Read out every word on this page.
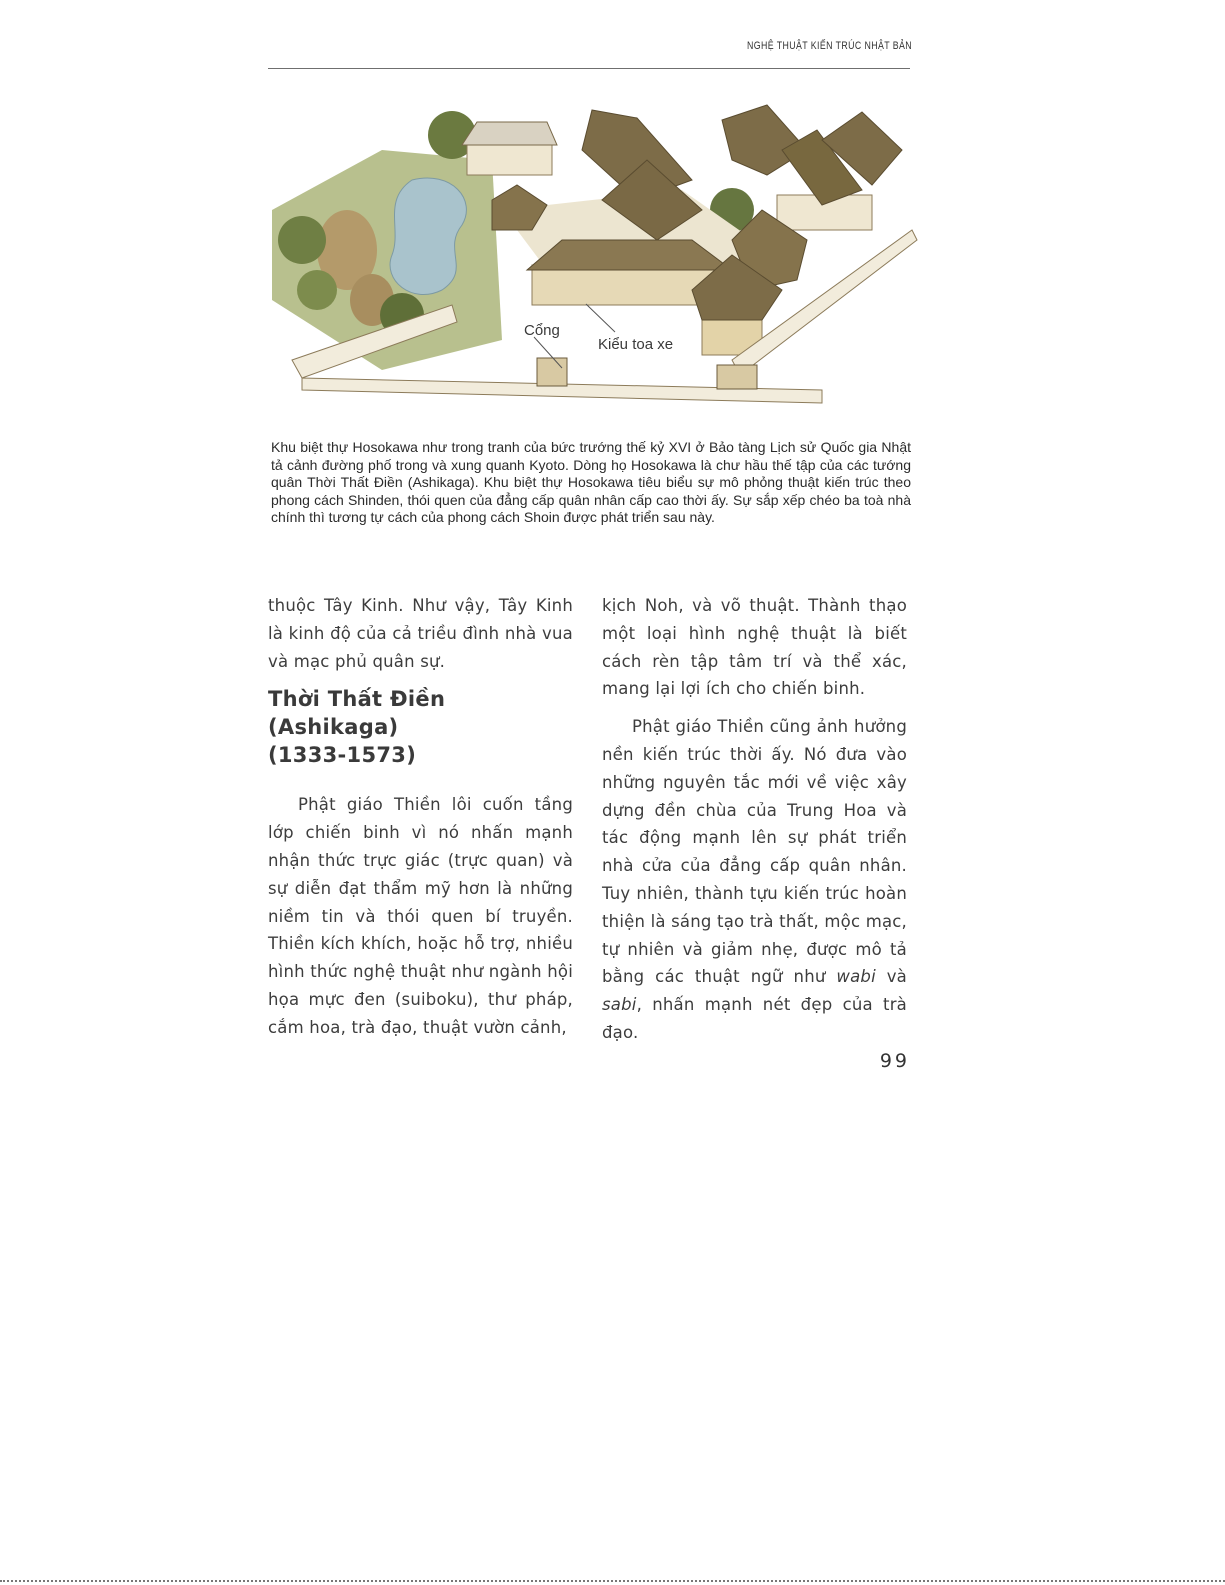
NGHỆ THUẬT KIẾN TRÚC NHẬT BẢN
Cổng
Kiểu toa xe
Khu biệt thự Hosokawa như trong tranh của bức trướng thế kỷ XVI ở Bảo tàng Lịch sử Quốc gia Nhật tả cảnh đường phố trong và xung quanh Kyoto. Dòng họ Hosokawa là chư hầu thế tập của các tướng quân Thời Thất Điền (Ashikaga). Khu biệt thự Hosokawa tiêu biểu sự mô phỏng thuật kiến trúc theo phong cách Shinden, thói quen của đẳng cấp quân nhân cấp cao thời ấy. Sự sắp xếp chéo ba toà nhà chính thì tương tự cách của phong cách Shoin được phát triển sau này.

thuộc Tây Kinh. Như vậy, Tây Kinh là kinh độ của cả triều đình nhà vua và mạc phủ quân sự.

Thời Thất Điền (Ashikaga)
(1333-1573)

Phật giáo Thiền lôi cuốn tầng lớp chiến binh vì nó nhấn mạnh nhận thức trực giác (trực quan) và sự diễn đạt thẩm mỹ hơn là những niềm tin và thói quen bí truyền. Thiền kích khích, hoặc hỗ trợ, nhiều hình thức nghệ thuật như ngành hội họa mực đen (suiboku), thư pháp, cắm hoa, trà đạo, thuật vườn cảnh,

kịch Noh, và võ thuật. Thành thạo một loại hình nghệ thuật là biết cách rèn tập tâm trí và thể xác, mang lại lợi ích cho chiến binh.

Phật giáo Thiền cũng ảnh hưởng nền kiến trúc thời ấy. Nó đưa vào những nguyên tắc mới về việc xây dựng đền chùa của Trung Hoa và tác động mạnh lên sự phát triển nhà cửa của đẳng cấp quân nhân. Tuy nhiên, thành tựu kiến trúc hoàn thiện là sáng tạo trà thất, mộc mạc, tự nhiên và giảm nhẹ, được mô tả bằng các thuật ngữ như wabi và sabi, nhấn mạnh nét đẹp của trà đạo.

99
